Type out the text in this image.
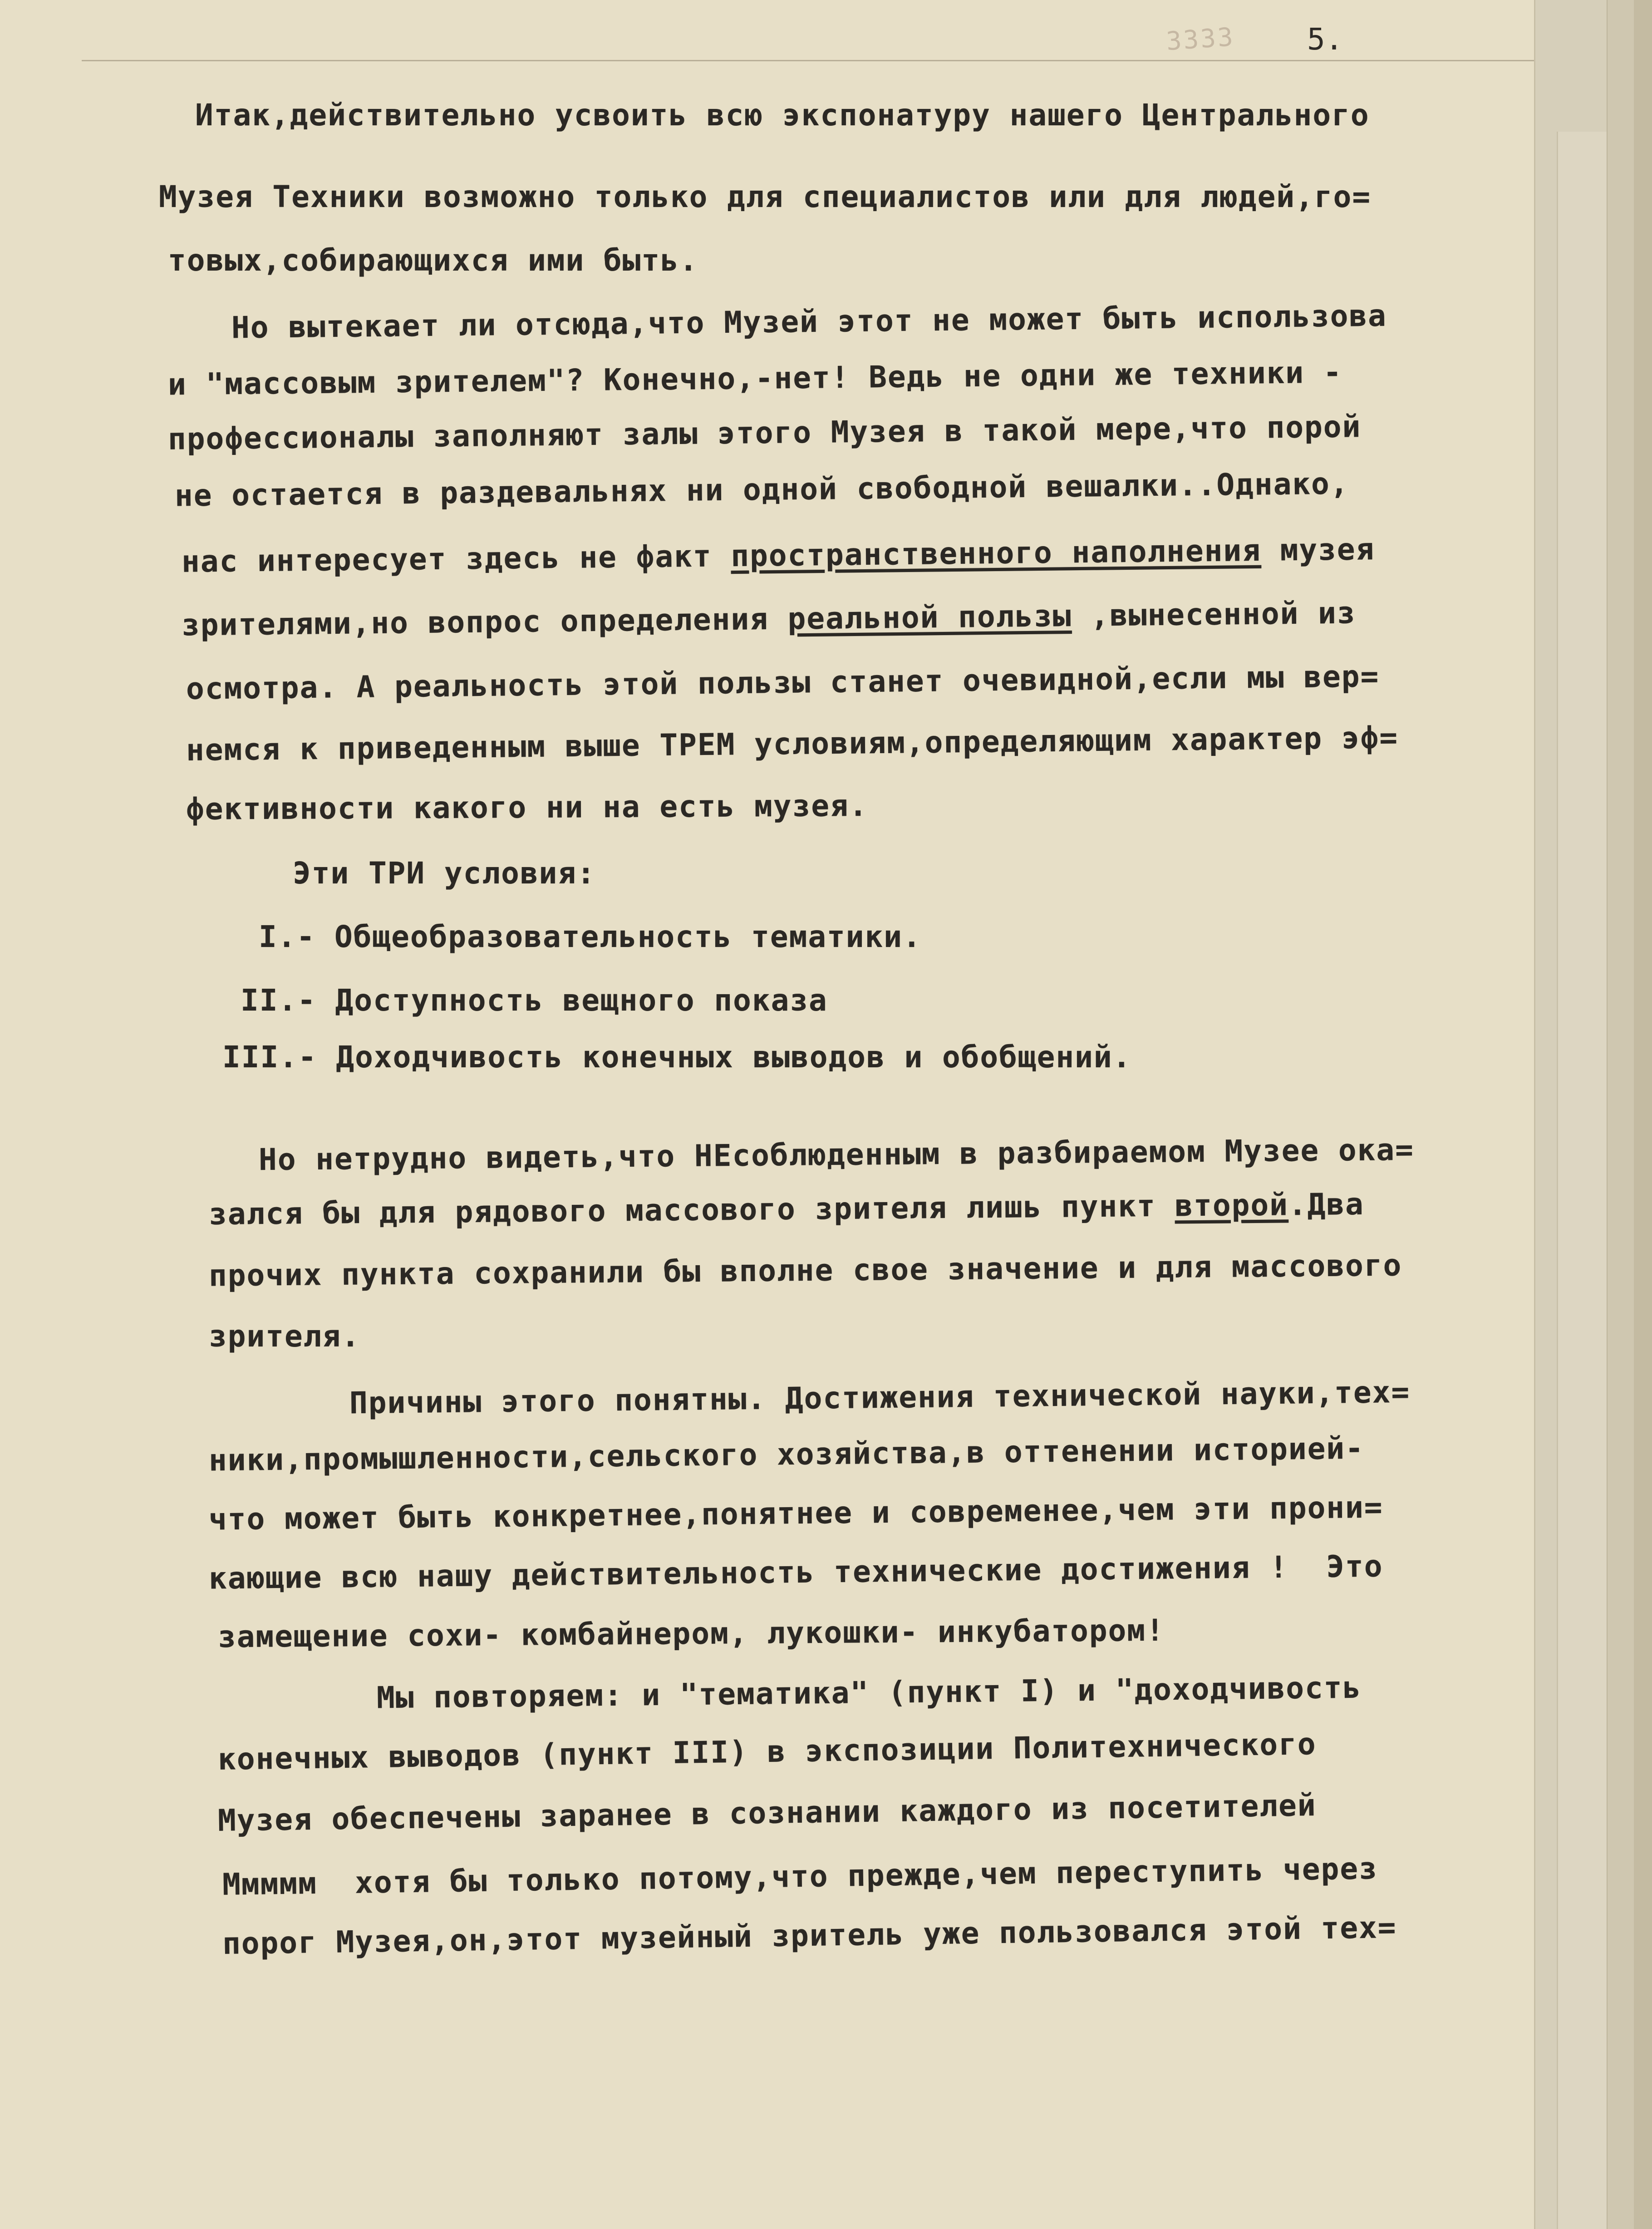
3333	5.
Итак,действительно усвоить всю экспонатуру нашего Центрального
Музея Техники возможно только для специалистов или для людей,го=
товых,собирающихся ими быть.
Но вытекает ли отсюда,что Музей этот не может быть использова
и "массовым зрителем"? Конечно,-нет! Ведь не одни же техники -
профессионалы заполняют залы этого Музея в такой мере,что порой
не остается в раздевальнях ни одной свободной вешалки..Однако,
нас интересует здесь не факт пространственного наполнения музея
зрителями,но вопрос определения реальной пользы ,вынесенной из
осмотра. А реальность этой пользы станет очевидной,если мы вер=
немся к приведенным выше ТРЕМ условиям,определяющим характер эф=
фективности какого ни на есть музея.
Эти ТРИ условия:
I.- Общеобразовательность тематики.
II.- Доступность вещного показа
III.- Доходчивость конечных выводов и обобщений.
Но нетрудно видеть,что НЕсоблюденным в разбираемом Музее ока=
зался бы для рядового массового зрителя лишь пункт второй.Два
прочих пункта сохранили бы вполне свое значение и для массового
зрителя.
Причины этого понятны. Достижения технической науки,тех=
ники,промышленности,сельского хозяйства,в оттенении историей-
что может быть конкретнее,понятнее и современее,чем эти прони=
кающие всю нашу действительность технические достижения !  Это
замещение сохи- комбайнером, лукошки- инкубатором!
Мы повторяем: и "тематика" (пункт I) и "доходчивость
конечных выводов (пункт III) в экспозиции Политехнического
Музея обеспечены заранее в сознании каждого из посетителей
Ммммм  хотя бы только потому,что прежде,чем переступить через
порог Музея,он,этот музейный зритель уже пользовался этой тех=
